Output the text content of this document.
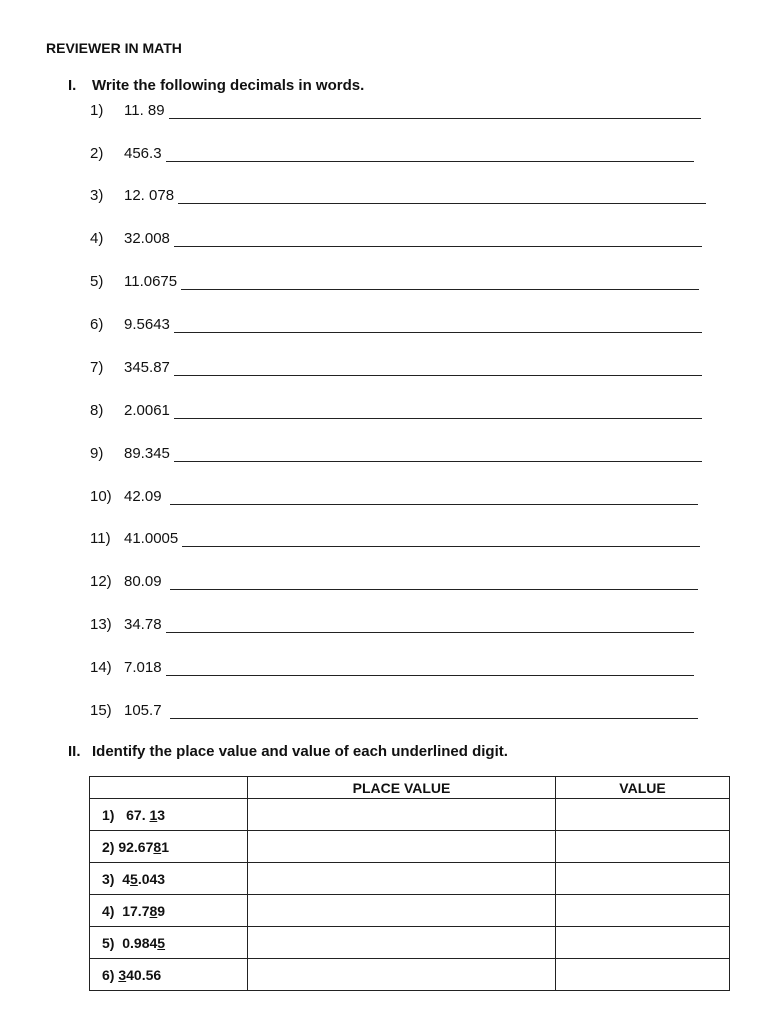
REVIEWER IN MATH
I. Write the following decimals in words.
1)	11. 89
2)	456.3
3)	12. 078
4)	32.008
5)	11.0675
6)	9.5643
7)	345.87
8)	2.0061
9)	89.345
10) 42.09
11) 41.0005
12) 80.09
13) 34.78
14) 7.018
15) 105.7
II. Identify the place value and value of each underlined digit.
	PLACE VALUE	VALUE
1) 67. 13		
2) 92.6781		
3) 45.043		
4) 17.789		
5) 0.9845		
6) 340.56		
